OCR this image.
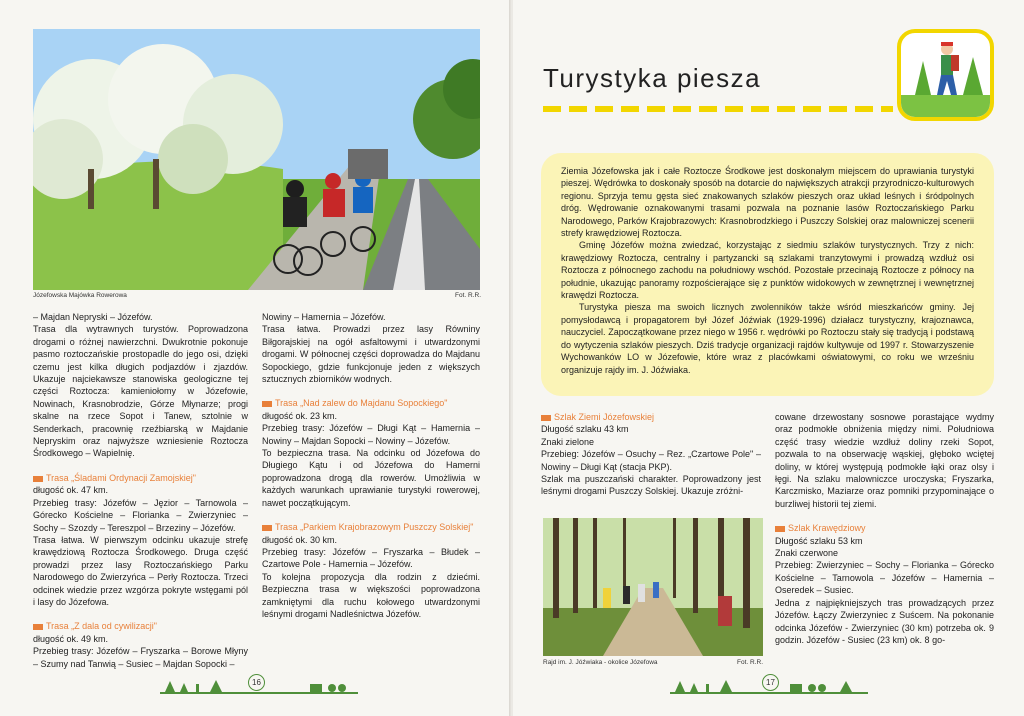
Józefowska Majówka Rowerowa	Fot. R.R.

– Majdan Nepryski – Józefów.

Trasa dla wytrawnych turystów. Poprowadzona drogami o różnej nawierzchni. Dwukrotnie pokonuje pasmo roztoczańskie prostopadle do jego osi, dzięki czemu jest kilka długich podjazdów i zjazdów. Ukazuje najciekawsze stanowiska geologiczne tej części Roztocza: kamieniołomy w Józefowie, Nowinach, Krasnobrodzie, Górze Młynarze; progi skalne na rzece Sopot i Tanew, sztolnie w Senderkach, pracownię rzeźbiarską w Majdanie Nepryskim oraz najwyższe wzniesienie Roztocza Środkowego – Wapielnię.

Trasa „Śladami Ordynacji Zamojskiej"

długość ok. 47 km.

Przebieg trasy: Józefów – Jęzior – Tarnowola – Górecko Kościelne – Florianka – Zwierzyniec – Sochy – Szozdy – Tereszpol – Brzeziny – Józefów.

Trasa łatwa. W pierwszym odcinku ukazuje strefę krawędziową Roztocza Środkowego. Druga część prowadzi przez lasy Roztoczańskiego Parku Narodowego do Zwierzyńca – Perły Roztocza. Trzeci odcinek wiedzie przez wzgórza pokryte wstęgami pól i lasy do Józefowa.

Trasa „Z dala od cywilizacji"

długość ok. 49 km.

Przebieg trasy: Józefów – Fryszarka – Borowe Młyny – Szumy nad Tanwią – Susiec – Majdan Sopocki –

Nowiny – Hamernia – Józefów.

Trasa łatwa. Prowadzi przez lasy Równiny Biłgorajskiej na ogół asfaltowymi i utwardzonymi drogami. W północnej części doprowadza do Majdanu Sopockiego, gdzie funkcjonuje jeden z większych sztucznych zbiorników wodnych.

Trasa „Nad zalew do Majdanu Sopockiego"

długość ok. 23 km.

Przebieg trasy: Józefów – Długi Kąt – Hamernia – Nowiny – Majdan Sopocki – Nowiny – Józefów.

To bezpieczna trasa. Na odcinku od Józefowa do Długiego Kątu i od Józefowa do Hamerni poprowadzona drogą dla rowerów. Umożliwia w każdych warunkach uprawianie turystyki rowerowej, nawet początkującym.

Trasa „Parkiem Krajobrazowym Puszczy Solskiej"

długość ok. 30 km.

Przebieg trasy: Józefów – Fryszarka – Błudek – Czartowe Pole - Hamernia – Józefów.

To kolejna propozycja dla rodzin z dziećmi. Bezpieczna trasa w większości poprowadzona zamkniętymi dla ruchu kołowego utwardzonymi leśnymi drogami Nadleśnictwa Józefów.

16
Turystyka piesza

Ziemia Józefowska jak i całe Roztocze Środkowe jest doskonałym miejscem do uprawiania turystyki pieszej. Wędrówka to doskonały sposób na dotarcie do największych atrakcji przyrodniczo-kulturowych regionu. Sprzyja temu gęsta sieć znakowanych szlaków pieszych oraz układ leśnych i śródpolnych dróg. Wędrowanie oznakowanymi trasami pozwala na poznanie lasów Roztoczańskiego Parku Narodowego, Parków Krajobrazowych: Krasnobrodzkiego i Puszczy Solskiej oraz malowniczej scenerii strefy krawędziowej Roztocza.

Gminę Józefów można zwiedzać, korzystając z siedmiu szlaków turystycznych. Trzy z nich: krawędziowy Roztocza, centralny i partyzancki są szlakami tranzytowymi i prowadzą wzdłuż osi Roztocza z północnego zachodu na południowy wschód. Pozostałe przecinają Roztocze z północy na południe, ukazując panoramy rozpościerające się z punktów widokowych w zewnętrznej i wewnętrznej krawędzi Roztocza.

Turystyka piesza ma swoich licznych zwolenników także wśród mieszkańców gminy. Jej pomysłodawcą i propagatorem był Józef Jóźwiak (1929-1996) działacz turystyczny, krajoznawca, nauczyciel. Zapoczątkowane przez niego w 1956 r. wędrówki po Roztoczu stały się tradycją i podstawą do wytyczenia szlaków pieszych. Dziś tradycje organizacji rajdów kultywuje od 1997 r. Stowarzyszenie Wychowanków LO w Józefowie, które wraz z placówkami oświatowymi, co roku we wrześniu organizuje rajdy im. J. Jóźwiaka.

Szlak Ziemi Józefowskiej

Długość szlaku 43 km

Znaki zielone

Przebieg: Józefów – Osuchy – Rez. „Czartowe Pole" – Nowiny – Długi Kąt (stacja PKP).

Szlak ma puszczański charakter. Poprowadzony jest leśnymi drogami Puszczy Solskiej. Ukazuje zróżni-

Rajd im. J. Jóźwiaka - okolice Józefowa	Fot. R.R.

cowane drzewostany sosnowe porastające wydmy oraz podmokłe obniżenia między nimi. Południowa część trasy wiedzie wzdłuż doliny rzeki Sopot, pozwala to na obserwację wąskiej, głęboko wciętej doliny, w której występują podmokłe łąki oraz olsy i łęgi. Na szlaku malowniczce uroczyska; Fryszarka, Karczmisko, Maziarze oraz pomniki przypominające o burzliwej historii tej ziemi.

Szlak Krawędziowy

Długość szlaku 53 km

Znaki czerwone

Przebieg: Zwierzyniec – Sochy – Florianka – Górecko Kościelne – Tarnowola – Józefów – Hamernia – Oseredek – Susiec.

Jedna z najpiękniejszych tras prowadzących przez Józefów. Łączy Zwierzyniec z Suścem. Na pokonanie odcinka Józefów - Zwierzyniec (30 km) potrzeba ok. 9 godzin. Józefów - Susiec (23 km) ok. 8 go-

17
